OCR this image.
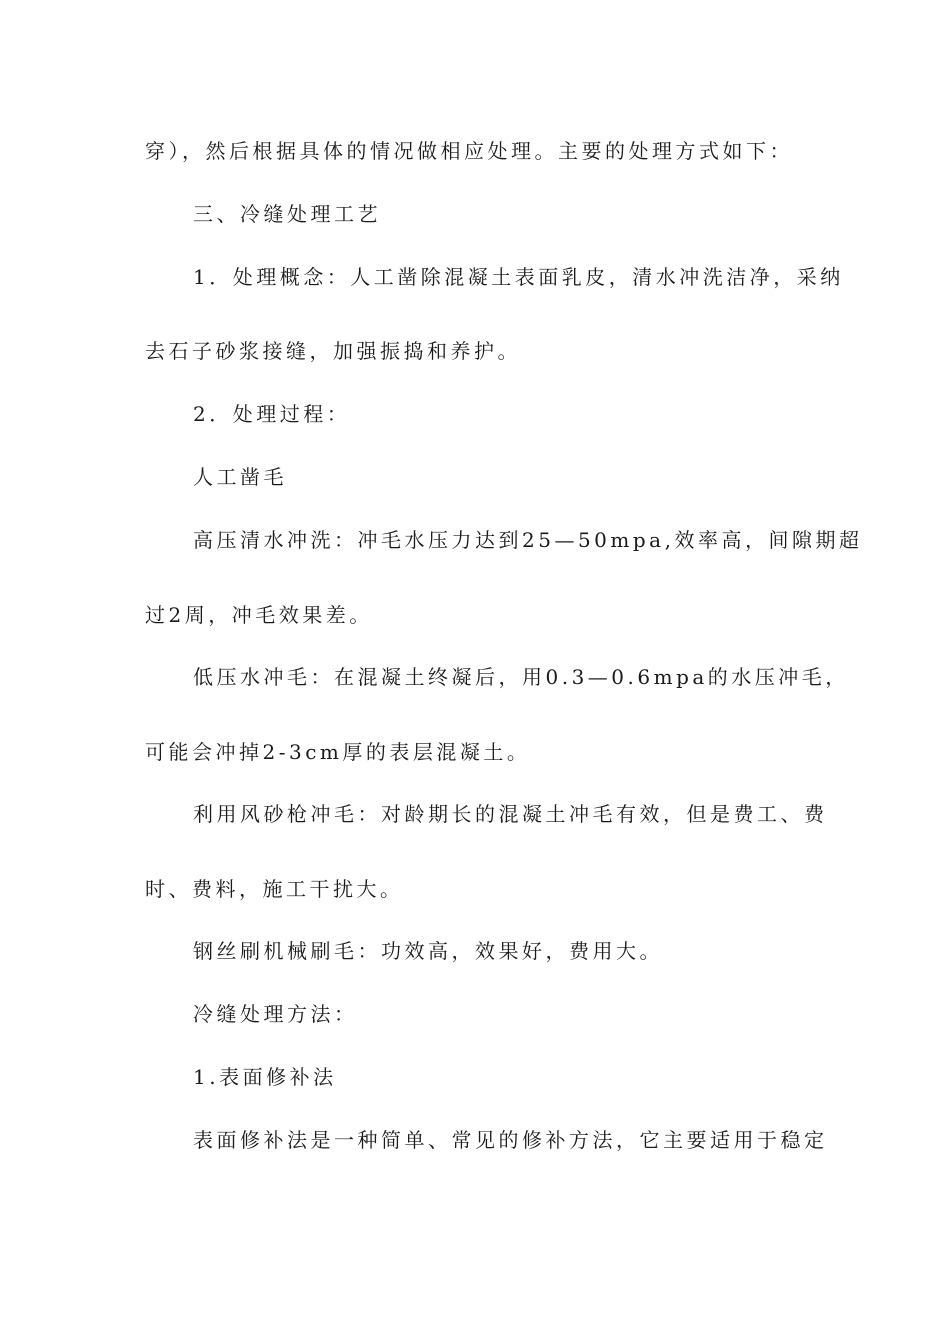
穿），然后根据具体的情况做相应处理。主要的处理方式如下：
三、冷缝处理工艺
1．处理概念：人工凿除混凝土表面乳皮，清水冲洗洁净，采纳
去石子砂浆接缝，加强振捣和养护。
2．处理过程：
人工凿毛
高压清水冲洗：冲毛水压力达到25—50mpa,效率高，间隙期超
过2周，冲毛效果差。
低压水冲毛：在混凝土终凝后，用0.3—0.6mpa的水压冲毛，
可能会冲掉2-3cm厚的表层混凝土。
利用风砂枪冲毛：对龄期长的混凝土冲毛有效，但是费工、费
时、费料，施工干扰大。
钢丝刷机械刷毛：功效高，效果好，费用大。
冷缝处理方法：
1.表面修补法
表面修补法是一种简单、常见的修补方法，它主要适用于稳定
